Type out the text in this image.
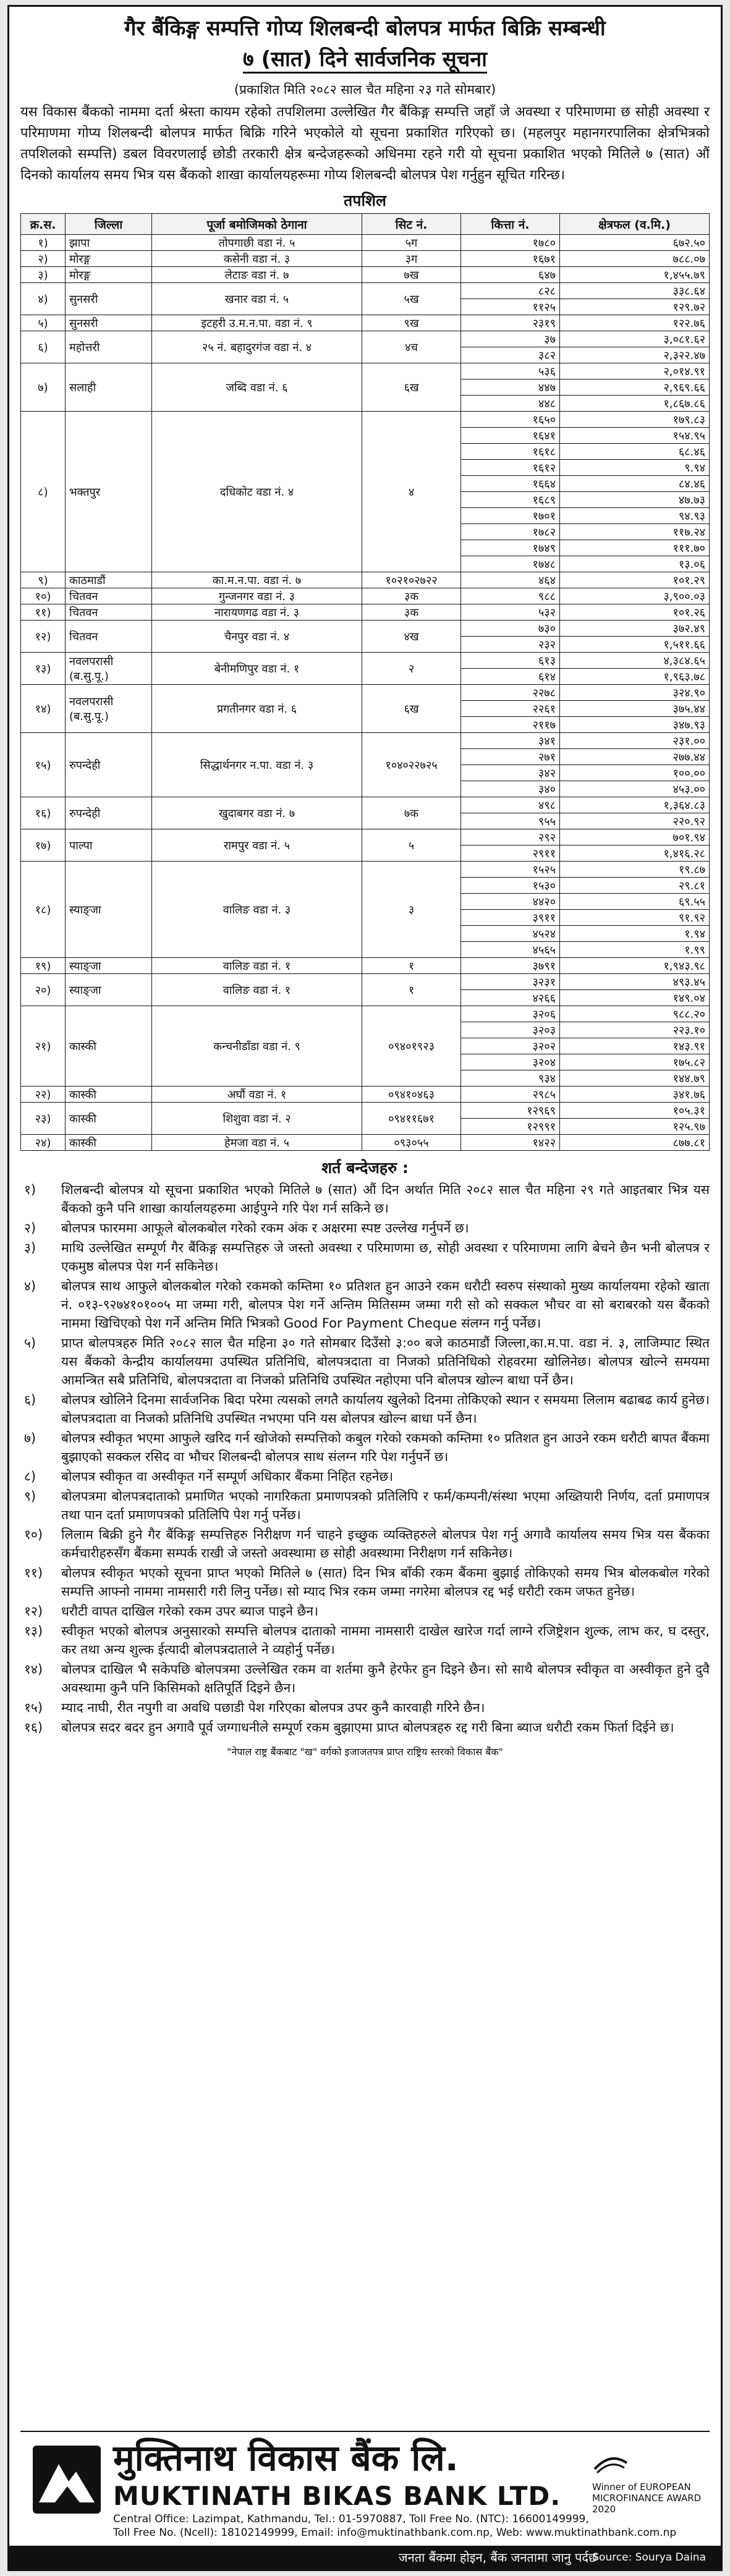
गैर बैंकिङ्ग सम्पत्ति गोप्य शिलबन्दी बोलपत्र मार्फत बिक्रि सम्बन्धी
७ (सात) दिने सार्वजनिक सूचना
(प्रकाशित मिति २०८२ साल चैत महिना २३ गते सोमबार)
यस विकास बैंकको नाममा दर्ता श्रेस्ता कायम रहेको तपशिलमा उल्लेखित गैर बैंकिङ्ग सम्पत्ति जहाँ जे अवस्था र परिमाणमा छ सोही अवस्था र परिमाणमा गोप्य शिलबन्दी बोलपत्र मार्फत बिक्रि गरिने भएकोले यो सूचना प्रकाशित गरिएको छ। (महलपुर महानगरपालिका क्षेत्रभित्रको तपशिलको सम्पत्ति) डबल विवरणलाई छोडी तरकारी क्षेत्र बन्देजहरूको अधिनमा रहने गरी यो सूचना प्रकाशित भएको मितिले ७ (सात) औं दिनको कार्यालय समय भित्र यस बैंकको शाखा कार्यालयहरूमा गोप्य शिलबन्दी बोलपत्र पेश गर्नुहुन सूचित गरिन्छ।
तपशिल
क्र.स.	जिल्ला	पूर्जा बमोजिमको ठेगाना	सिट नं.	कित्ता नं.	क्षेत्रफल (व.मि.)
१)	झापा	तोपगाछी वडा नं. ५	५ग	१७८०	६७२.५०
२)	मोरङ्ग	कसेनी वडा नं. ३	३ग	१६७१	७८८.०७
३)	मोरङ्ग	लेटाङ वडा नं. ७	७ख	६४७	१,४५५.७९
४)	सुनसरी	खनार वडा नं. ५	५ख	८२८	३३८.६४
				११२५	१२९.७२
५)	सुनसरी	इटहरी उ.म.न.पा. वडा नं. ९	९ख	२३१९	१२२.७६
६)	महोत्तरी	२५ नं. बहादुरगंज वडा नं. ४	४च	३७	३,०८१.६२
				३८२	२,३२२.४७
७)	सलाही	जब्दि वडा नं. ६	६ख	५३६	२,०१४.९१
				४४७	२,९६९.६६
				४४८	१,८६७.८६
८)	भक्तपुर	दधिकोट वडा नं. ४	४	१६५०	१७९.८३
				१६४१	१५४.९५
				१६१८	६८.४६
				१६१२	९.९४
				१६६४	८४.४६
				१६८९	४७.७३
				१७०१	९४.९३
				१७८२	११७.२४
				१७४९	१११.७०
				१७४८	१३.०६
९)	काठमाडौं	का.म.न.पा. वडा नं. ७	१०२१०२७२२	४६४	१०१.२९
१०)	चितवन	गुन्जनगर वडा नं. ३	३क	९८८	३,९००.०३
११)	चितवन	नारायणगढ वडा नं. ३	३क	५३२	१०१.२६
१२)	चितवन	चैनपुर वडा नं. ४	४ख	७३०	३७२.४९
				२३२	१,५११.६६
१३)	नवलपरासी (ब.सु.पू.)	बेनीमणिपुर वडा नं. १	२	६१३	४,३८४.६५
				६१४	१,९६३.७८
१४)	नवलपरासी (ब.सु.पू.)	प्रगतीनगर वडा नं. ६	६ख	२२७८	३२४.९०
				२२६१	३७५.४४
				२११७	३४७.९३
१५)	रुपन्देही	सिद्धार्थनगर न.पा. वडा नं. ३	१०४०२२७२५	३४१	२३१.००
				२७१	२७७.४४
				३४२	१००.००
				३४०	४५३.००
१६)	रुपन्देही	खुदाबगर वडा नं. ७	७क	४९८	१,३६४.८३
				९५५	२२०.९२
१७)	पाल्पा	रामपुर वडा नं. ५	५	२९२	७०१.९४
				२९११	१,४१६.२८
१८)	स्याङ्जा	वालिङ वडा नं. ३	३	१५२५	१९.८७
				१५३०	२९.८१
				४४२०	६९.५५
				३९११	९१.९२
				४५२४	१.९४
				४५६५	१.९९
१९)	स्याङ्जा	वालिङ वडा नं. १	१	३७९१	१,९४३.९८
२०)	स्याङ्जा	वालिङ वडा नं. १	१	३२३१	४९३.४५
				४२६६	१४९.०४
२१)	कास्की	कन्चनीडाँडा वडा नं. ९	०९४०१९२३	३२०६	९८८.२०
				३२०३	२२३.१०
				३२०२	१४३.९१
				३२०४	१७५.८२
				९३४	१४४.७९
२२)	कास्की	अर्घौ वडा नं. १	०९४१०४६३	२९८५	३४१.७६
२३)	कास्की	शिशुवा वडा नं. २	०९४११६७१	१२९६९	१०५.३१
				१२९९१	१२५.९७
२४)	कास्की	हेमजा वडा नं. ५	०९३०५५	१४२२	८७७.८१
शर्त बन्देजहरु :
१)	शिलबन्दी बोलपत्र यो सूचना प्रकाशित भएको मितिले ७ (सात) औं दिन अर्थात मिति २०८२ साल चैत महिना २९ गते आइतबार भित्र यस बैंकको कुनै पनि शाखा कार्यालयहरुमा आईपुग्ने गरि पेश गर्न सकिने छ।
२)	बोलपत्र फारममा आफूले बोलकबोल गरेको रकम अंक र अक्षरमा स्पष्ट उल्लेख गर्नुपर्ने छ।
३)	माथि उल्लेखित सम्पूर्ण गैर बैंकिङ्ग सम्पत्तिहरु जे जस्तो अवस्था र परिमाणमा छ, सोही अवस्था र परिमाणमा लागि बेचने छैन भनी बोलपत्र र एकमुष्ठ बोलपत्र पेश गर्न सकिनेछ।
४)	बोलपत्र साथ आफुले बोलकबोल गरेको रकमको कम्तिमा १० प्रतिशत हुन आउने रकम धरौटी स्वरुप संस्थाको मुख्य कार्यालयमा रहेको खाता नं. ०१३-९२७४१०१००५ मा जम्मा गरी, बोलपत्र पेश गर्ने अन्तिम मितिसम्म जम्मा गरी सो को सक्कल भौचर वा सो बराबरको यस बैंकको नाममा खिचिएको पेश गर्ने अन्तिम मिति भित्रको Good For Payment Cheque संलग्न गर्नु पर्नेछ।
५)	प्राप्त बोलपत्रहरु मिति २०८२ साल चैत महिना ३० गते सोमबार दिउँसो ३:०० बजे काठमाडौं जिल्ला,का.म.पा. वडा नं. ३, लाजिम्पाट स्थित यस बैंकको केन्द्रीय कार्यालयमा उपस्थित प्रतिनिधि, बोलपत्रदाता वा निजको प्रतिनिधिको रोहवरमा खोलिनेछ। बोलपत्र खोल्ने समयमा आमन्त्रित सबै प्रतिनिधि, बोलपत्रदाता वा निजको प्रतिनिधि उपस्थित नहोएमा पनि बोलपत्र खोल्न बाधा पर्ने छैन।
६)	बोलपत्र खोलिने दिनमा सार्वजनिक बिदा परेमा त्यसको लगतै कार्यालय खुलेको दिनमा तोकिएको स्थान र समयमा लिलाम बढाबढ कार्य हुनेछ। बोलपत्रदाता वा निजको प्रतिनिधि उपस्थित नभएमा पनि यस बोलपत्र खोल्न बाधा पर्ने छैन।
७)	बोलपत्र स्वीकृत भएमा आफुले खरिद गर्न खोजेको सम्पत्तिको कबुल गरेको रकमको कम्तिमा १० प्रतिशत हुन आउने रकम धरौटी बापत बैंकमा बुझाएको सक्कल रसिद वा भौचर शिलबन्दी बोलपत्र साथ संलग्न गरि पेश गर्नुपर्ने छ।
८)	बोलपत्र स्वीकृत वा अस्वीकृत गर्ने सम्पूर्ण अधिकार बैंकमा निहित रहनेछ।
९)	बोलपत्रमा बोलपत्रदाताको प्रमाणित भएको नागरिकता प्रमाणपत्रको प्रतिलिपि र फर्म/कम्पनी/संस्था भएमा अख्तियारी निर्णय, दर्ता प्रमाणपत्र तथा पान दर्ता प्रमाणपत्रको प्रतिलिपि पेश गर्नु पर्नेछ।
१०)	लिलाम बिक्री हुने गैर बैंकिङ्ग सम्पत्तिहरु निरीक्षण गर्न चाहने इच्छुक व्यक्तिहरुले बोलपत्र पेश गर्नु अगावै कार्यालय समय भित्र यस बैंकका कर्मचारीहरुसँग बैंकमा सम्पर्क राखी जे जस्तो अवस्थामा छ सोही अवस्थामा निरीक्षण गर्न सकिनेछ।
११)	बोलपत्र स्वीकृत भएको सूचना प्राप्त भएको मितिले ७ (सात) दिन भित्र बाँकी रकम बैंकमा बुझाई तोकिएको समय भित्र बोलकबोल गरेको सम्पत्ति आफ्नो नाममा नामसारी गरी लिनु पर्नेछ। सो म्याद भित्र रकम जम्मा नगरेमा बोलपत्र रद्द भई धरौटी रकम जफत हुनेछ।
१२)	धरौटी वापत दाखिल गरेको रकम उपर ब्याज पाइने छैन।
१३)	स्वीकृत भएको बोलपत्र अनुसारको सम्पत्ति बोलपत्र दाताको नाममा नामसारी दाखेल खारेज गर्दा लाग्ने रजिष्ट्रेशन शुल्क, लाभ कर, घ दस्तुर, कर तथा अन्य शुल्क ईत्यादी बोलपत्रदाताले ने व्यहोर्नु पर्नेछ।
१४)	बोलपत्र दाखिल भै सकेपछि बोलपत्रमा उल्लेखित रकम वा शर्तमा कुनै हेरफेर हुन दिइने छैन। सो साथै बोलपत्र स्वीकृत वा अस्वीकृत हुने दुवै अवस्थामा कुनै पनि किसिमको क्षतिपूर्ति दिइने छैन।
१५)	म्याद नाघी, रीत नपुगी वा अवधि पछाडी पेश गरिएका बोलपत्र उपर कुनै कारवाही गरिने छैन।
१६)	बोलपत्र सदर बदर हुन अगावै पूर्व जग्गाधनीले सम्पूर्ण रकम बुझाएमा प्राप्त बोलपत्रहरु रद्द गरी बिना ब्याज धरौटी रकम फिर्ता दिईने छ।
"नेपाल राष्ट्र बैंकबाट "ख" वर्गको इजाजतपत्र प्राप्त राष्ट्रिय स्तरको विकास बैंक"
मुक्तिनाथ विकास बैंक लि.
MUKTINATH BIKAS BANK LTD.
Central Office: Lazimpat, Kathmandu, Tel.: 01-5970887, Toll Free No. (NTC): 16600149999,
Toll Free No. (Ncell): 18102149999, Email: info@muktinathbank.com.np, Web: www.muktinathbank.com.np
Winner of EUROPEAN MICROFINANCE AWARD 2020
जनता बैंकमा होइन, बैंक जनतामा जानु पर्दछ
Source: Sourya Daina
